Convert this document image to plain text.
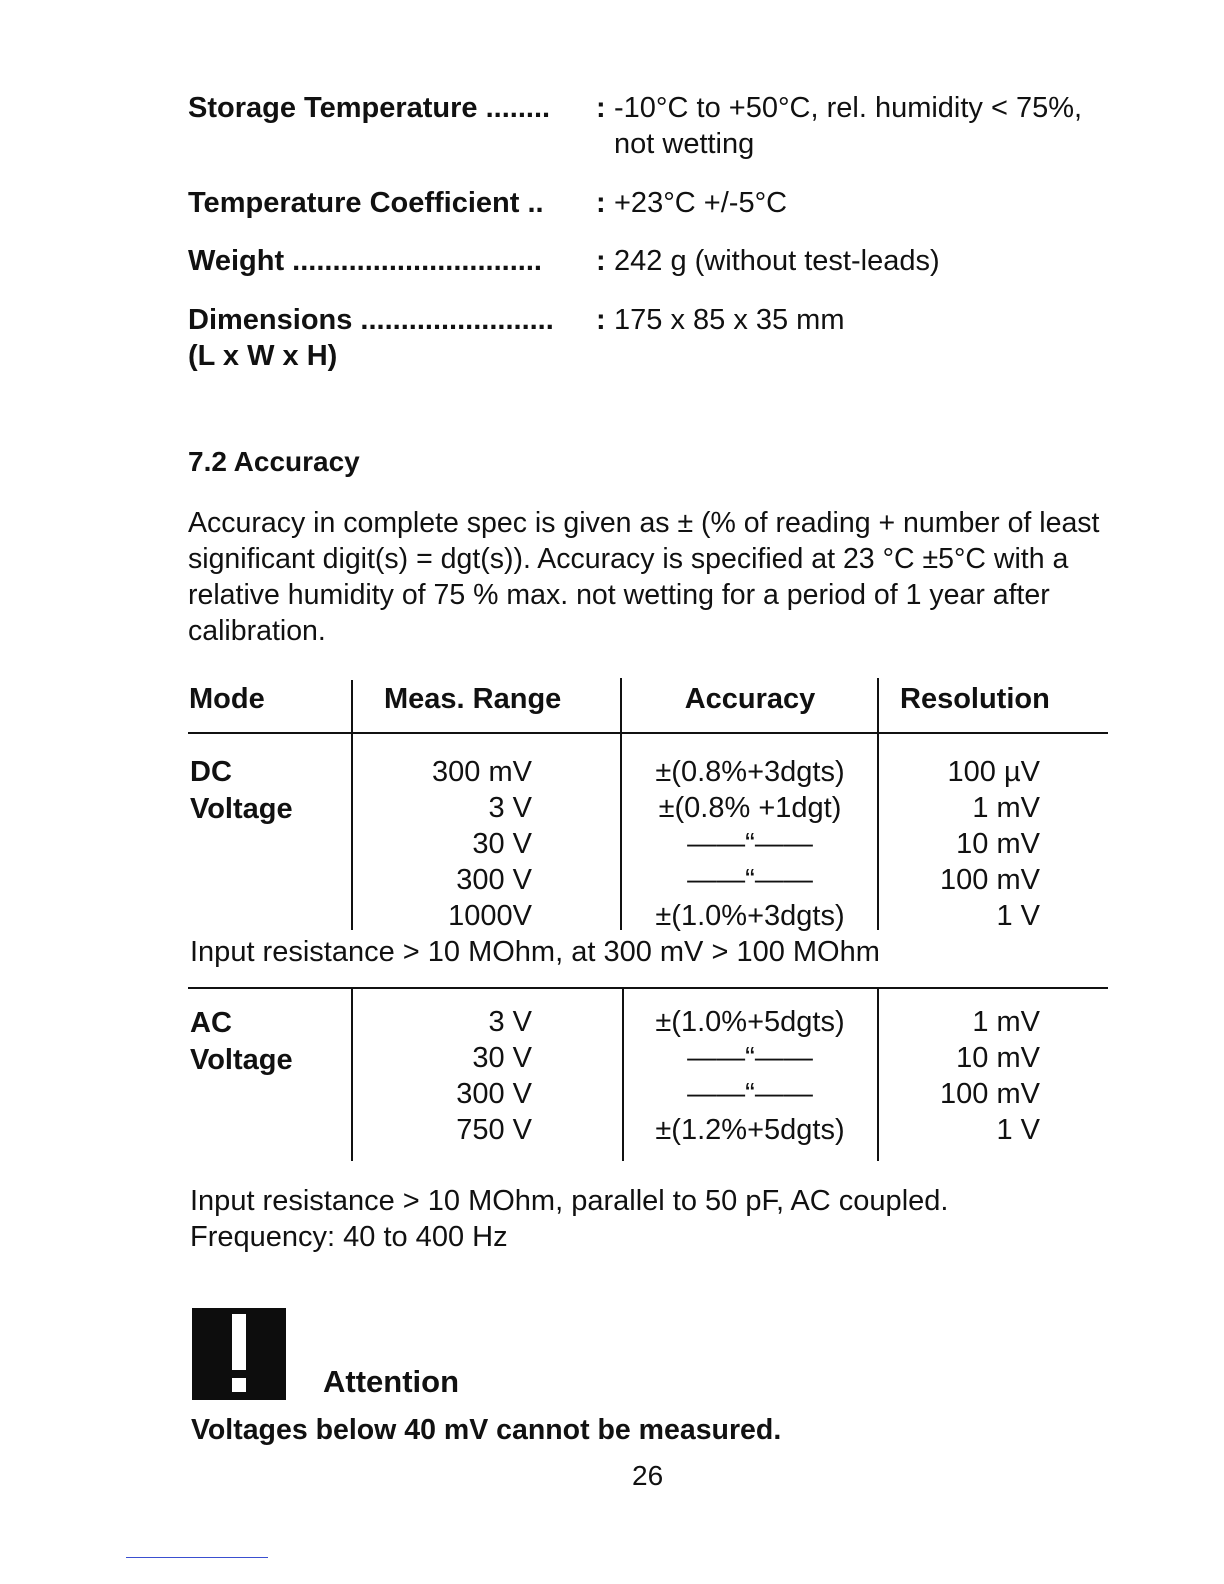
Storage Temperature ........ : -10°C to +50°C, rel. humidity < 75%,
not wetting
Temperature Coefficient .. : +23°C +/-5°C
Weight ............................... : 242 g (without test-leads)
Dimensions ........................ : 175 x 85 x 35 mm
(L x W x H)
7.2 Accuracy
Accuracy in complete spec is given as ± (% of reading + number of least significant digit(s) = dgt(s)). Accuracy is specified at 23 °C ±5°C with a relative humidity of 75 % max. not wetting for a period of 1 year after calibration.
Mode	Meas. Range	Accuracy	Resolution
DC
Voltage
300 mV	±(0.8%+3dgts)	100 µV
3 V	±(0.8% +1dgt)	1 mV
30 V	——“——	10 mV
300 V	——“——	100 mV
1000V	±(1.0%+3dgts)	1 V
Input resistance > 10 MOhm, at 300 mV > 100 MOhm
AC
Voltage
3 V	±(1.0%+5dgts)	1 mV
30 V	——“——	10 mV
300 V	——“——	100 mV
750 V	±(1.2%+5dgts)	1 V
Input resistance > 10 MOhm, parallel to 50 pF, AC coupled.
Frequency: 40 to 400 Hz
Attention
Voltages below 40 mV cannot be measured.
26
